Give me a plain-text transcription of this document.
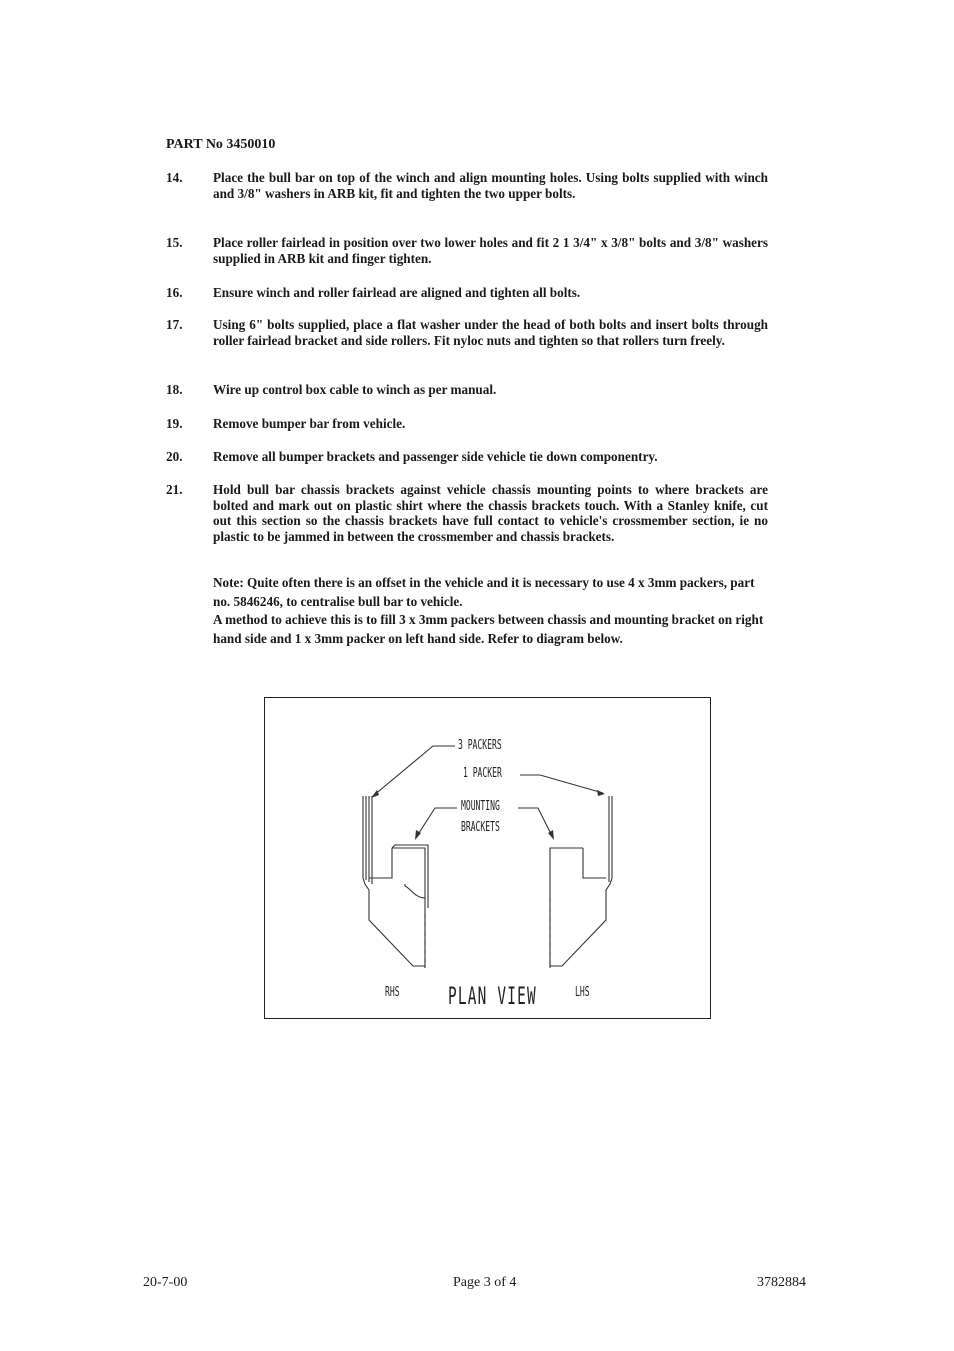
PART No 3450010
14.	Place the bull bar on top of the winch and align mounting holes. Using bolts supplied with winch and 3/8" washers in ARB kit, fit and tighten the two upper bolts.
15.	Place roller fairlead in position over two lower holes and fit 2 1 3/4" x 3/8" bolts and 3/8" washers supplied in ARB kit and finger tighten.
16.	Ensure winch and roller fairlead are aligned and tighten all bolts.
17.	Using 6" bolts supplied, place a flat washer under the head of both bolts and insert bolts through roller fairlead bracket and side rollers. Fit nyloc nuts and tighten so that rollers turn freely.
18.	Wire up control box cable to winch as per manual.
19.	Remove bumper bar from vehicle.
20.	Remove all bumper brackets and passenger side vehicle tie down componentry.
21.	Hold bull bar chassis brackets against vehicle chassis mounting points to where brackets are bolted and mark out on plastic shirt where the chassis brackets touch. With a Stanley knife, cut out this section so the chassis brackets have full contact to vehicle's crossmember section, ie no plastic to be jammed in between the crossmember and chassis brackets.

Note: Quite often there is an offset in the vehicle and it is necessary to use 4 x 3mm packers, part no. 5846246, to centralise bull bar to vehicle.

A method to achieve this is to fill 3 x 3mm packers between chassis and mounting bracket on right hand side and 1 x 3mm packer on left hand side. Refer to diagram below.

3 PACKERS
1 PACKER
MOUNTING
BRACKETS
RHS PLAN VIEW	LHS
20-7-00	Page 3 of 4	3782884
